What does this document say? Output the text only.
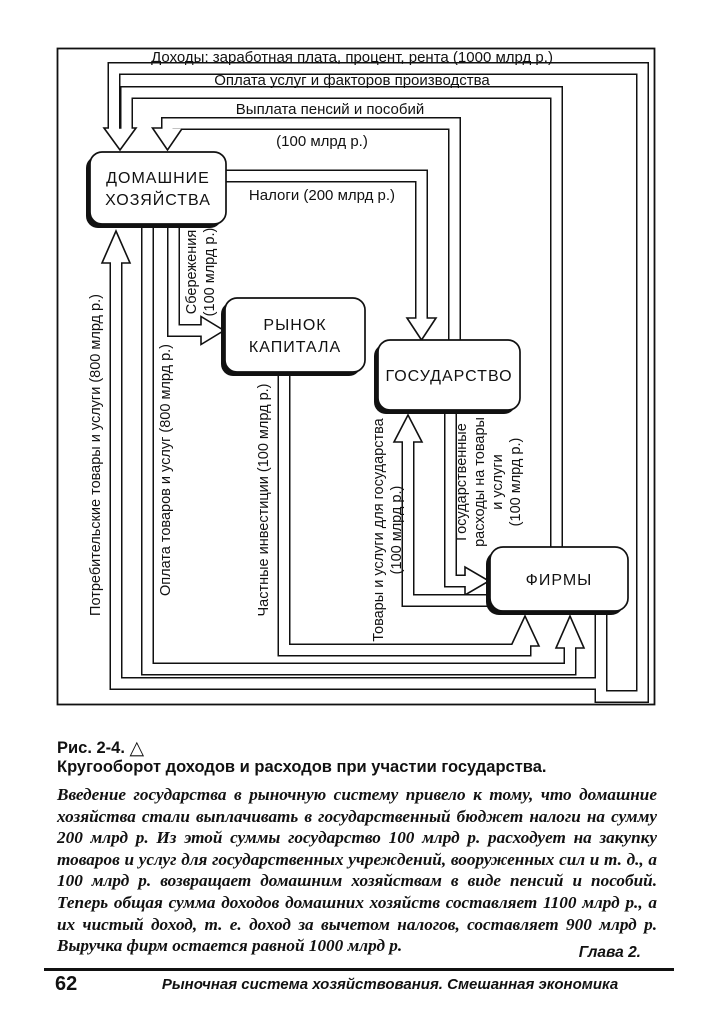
ДОМАШНИЕ
ХОЗЯЙСТВА
РЫНОК
КАПИТАЛА
ГОСУДАРСТВО
ФИРМЫ
Доходы: заработная плата, процент, рента (1000 млрд р.)
Оплата услуг и факторов производства
Выплата пенсий и пособий
(100 млрд р.)
Налоги (200 млрд р.)
Потребительские товары и услуги (800 млрд р.)	Оплата товаров и услуг (800 млрд р.)
Сбережения (100 млрд р.)
Частные инвестиции (100 млрд р.)	Товары и услуги для государства (100 млрд р.)	Государственные расходы на товары и услуги (100 млрд р.)
Рис. 2-4. △
Кругооборот доходов и расходов при участии государства.
Введение государства в рыночную систему привело к тому, что домашние хозяйства стали выплачивать в государственный бюджет налоги на сумму 200 млрд р. Из этой суммы государство 100 млрд р. расходует на закупку товаров и услуг для государственных учреждений, вооруженных сил и т. д., а 100 млрд р. возвращает домашним хозяйствам в виде пенсий и пособий. Теперь общая сумма доходов домашних хозяйств составляет 1100 млрд р., а их чистый доход, т. е. доход за вычетом налогов, составляет 900 млрд р. Выручка фирм остается равной 1000 млрд р.	Глава 2.
62	Рыночная система хозяйствования. Смешанная экономика
